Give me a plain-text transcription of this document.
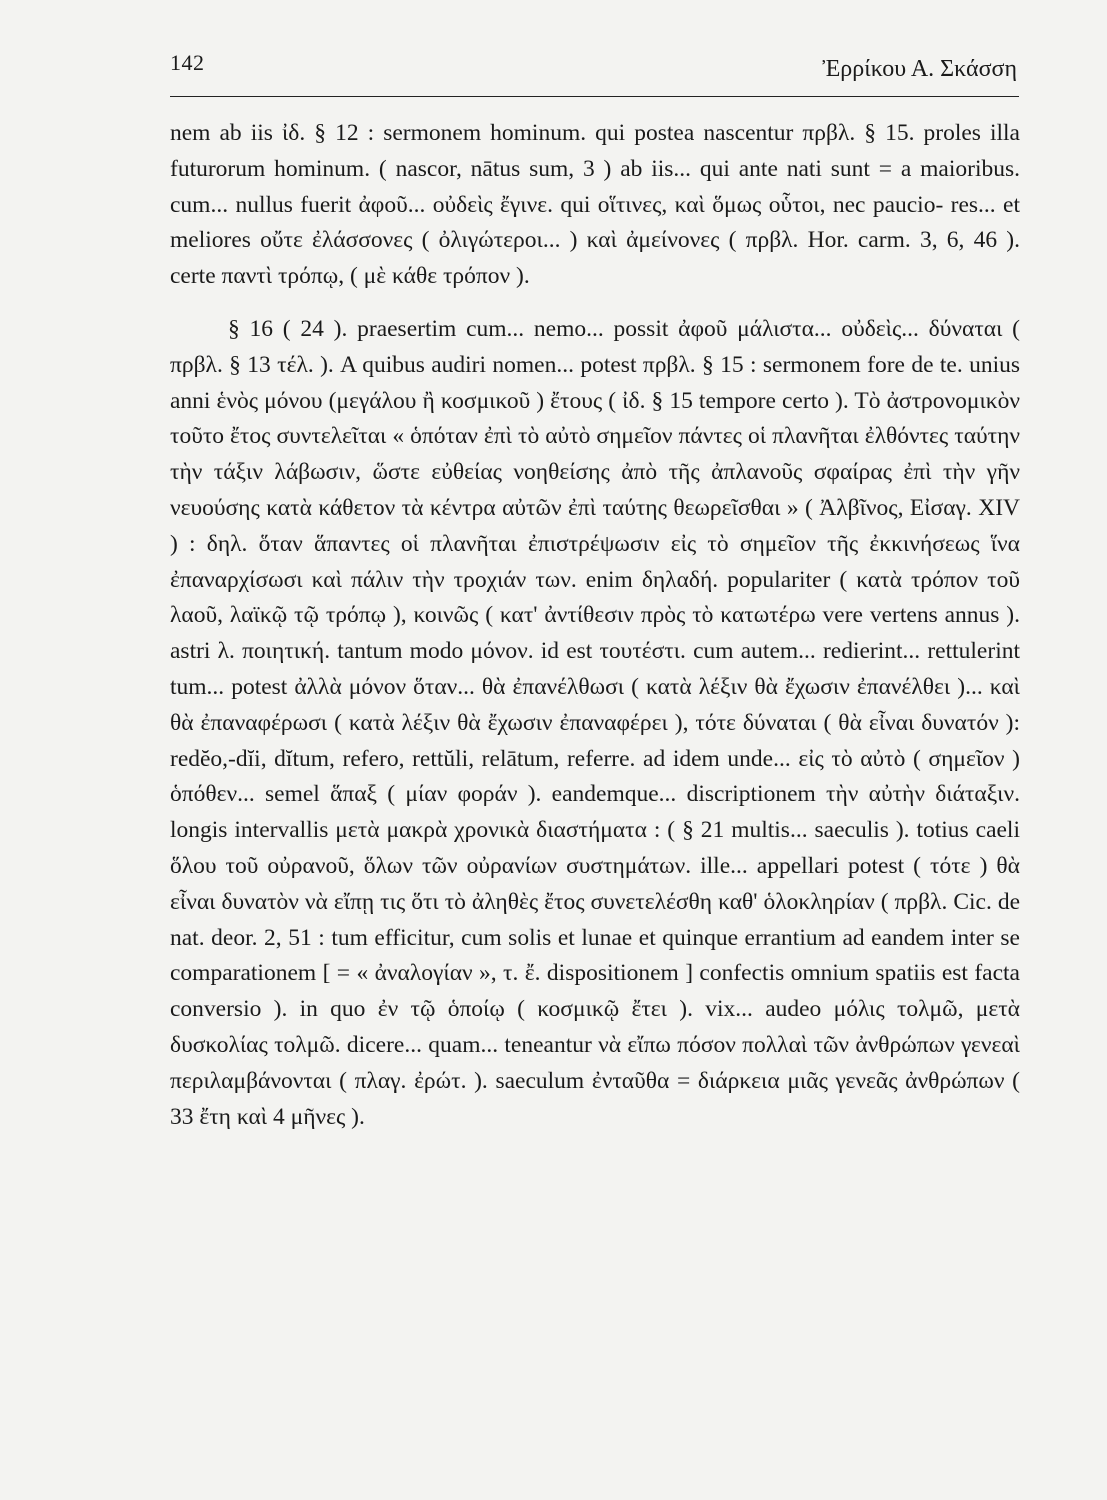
142	Ἐρρίκου Α. Σκάσση

nem ab iis ἰδ. § 12 : sermonem hominum. qui postea nascentur πρβλ. § 15. proles illa futurorum hominum. ( nascor, nātus sum, 3 ) ab iis... qui ante nati sunt = a maioribus. cum... nullus fuerit ἀφοῦ... οὐδεὶς ἔγινε. qui οἵτινες, καὶ ὅμως οὗτοι, nec paucio- res... et meliores οὔτε ἐλάσσονες ( ὀλιγώτεροι... ) καὶ ἀμείνονες ( πρβλ. Hor. carm. 3, 6, 46 ). certe παντὶ τρόπῳ, ( μὲ κάθε τρόπον ).

§ 16 ( 24 ). praesertim cum... nemo... possit ἀφοῦ μάλιστα... οὐδεὶς... δύναται ( πρβλ. § 13 τέλ. ). A quibus audiri nomen... potest πρβλ. § 15 : sermonem fore de te. unius anni ἑνὸς μόνου (μεγάλου ἢ κοσμικοῦ ) ἔτους ( ἰδ. § 15 tempore certo ). Τὸ ἀστρονομικὸν τοῦτο ἔτος συντελεῖται « ὁπόταν ἐπὶ τὸ αὐτὸ σημεῖον πάντες οἱ πλανῆται ἐλθόντες ταύτην τὴν τάξιν λάβωσιν, ὥστε εὐθείας νοηθείσης ἀπὸ τῆς ἀπλανοῦς σφαίρας ἐπὶ τὴν γῆν νευούσης κατὰ κάθετον τὰ κέντρα αὐτῶν ἐπὶ ταύτης θεωρεῖσθαι » ( Ἀλβῖνος, Εἰσαγ. XIV ) : δηλ. ὅταν ἅπαντες οἱ πλανῆται ἐπιστρέψωσιν εἰς τὸ σημεῖον τῆς ἐκκινήσεως ἵνα ἐπαναρχίσωσι καὶ πάλιν τὴν τροχιάν των. enim δηλαδή. populariter ( κατὰ τρόπον τοῦ λαοῦ, λαϊκῷ τῷ τρόπῳ ), κοινῶς ( κατ' ἀντίθεσιν πρὸς τὸ κατωτέρω vere vertens annus ). astri λ. ποιητική. tantum modo μόνον. id est τουτέστι. cum autem... redierint... rettulerint tum... potest ἀλλὰ μόνον ὅταν... θὰ ἐπανέλθωσι ( κατὰ λέξιν θὰ ἔχωσιν ἐπανέλθει )... καὶ θὰ ἐπαναφέρωσι ( κατὰ λέξιν θὰ ἔχωσιν ἐπαναφέρει ), τότε δύναται ( θὰ εἶναι δυνατόν ): redĕo,-dĭi, dĭtum, refero, rettŭli, relātum, referre. ad idem unde... εἰς τὸ αὐτὸ ( σημεῖον ) ὁπόθεν... semel ἅπαξ ( μίαν φοράν ). eandemque... discriptionem τὴν αὐτὴν διάταξιν. longis intervallis μετὰ μακρὰ χρονικὰ διαστήματα : ( § 21 multis... saeculis ). totius caeli ὅλου τοῦ οὐρανοῦ, ὅλων τῶν οὐρανίων συστημάτων. ille... appellari potest ( τότε ) θὰ εἶναι δυνατὸν νὰ εἴπῃ τις ὅτι τὸ ἀληθὲς ἔτος συνετελέσθη καθ' ὁλοκληρίαν ( πρβλ. Cic. de nat. deor. 2, 51 : tum efficitur, cum solis et lunae et quinque errantium ad eandem inter se comparationem [ = « ἀναλογίαν », τ. ἔ. dispositionem ] confectis omnium spatiis est facta conversio ). in quo ἐν τῷ ὁποίῳ ( κοσμικῷ ἔτει ). vix... audeo μόλις τολμῶ, μετὰ δυσκολίας τολμῶ. dicere... quam... teneantur νὰ εἴπω πόσον πολλαὶ τῶν ἀνθρώπων γενεαὶ περιλαμβάνονται ( πλαγ. ἐρώτ. ). saeculum ἐνταῦθα = διάρκεια μιᾶς γενεᾶς ἀνθρώπων ( 33 ἔτη καὶ 4 μῆνες ).
